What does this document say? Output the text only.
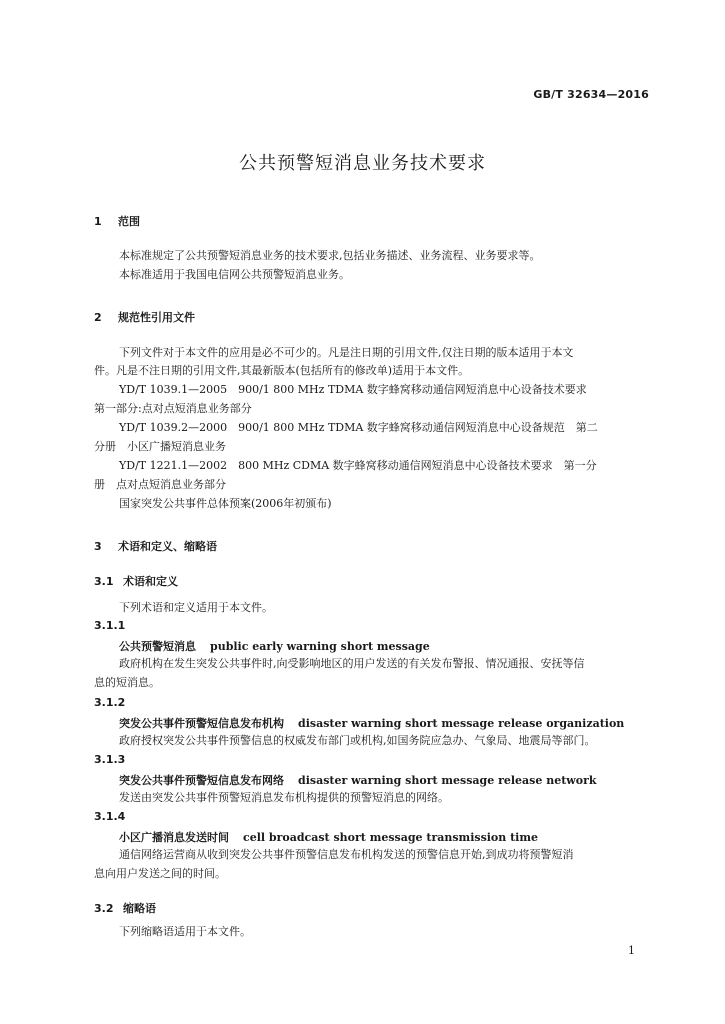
GB/T 32634—2016
公共预警短消息业务技术要求
1 范围
本标准规定了公共预警短消息业务的技术要求,包括业务描述、业务流程、业务要求等。
本标准适用于我国电信网公共预警短消息业务。
2 规范性引用文件
下列文件对于本文件的应用是必不可少的。凡是注日期的引用文件,仅注日期的版本适用于本文
件。凡是不注日期的引用文件,其最新版本(包括所有的修改单)适用于本文件。
YD/T 1039.1—2005　900/1 800 MHz TDMA 数字蜂窝移动通信网短消息中心设备技术要求
第一部分:点对点短消息业务部分
YD/T 1039.2—2000　900/1 800 MHz TDMA 数字蜂窝移动通信网短消息中心设备规范　第二
分册　小区广播短消息业务
YD/T 1221.1—2002　800 MHz CDMA 数字蜂窝移动通信网短消息中心设备技术要求　第一分
册　点对点短消息业务部分
国家突发公共事件总体预案(2006年初颁布)
3 术语和定义、缩略语
3.1 术语和定义
下列术语和定义适用于本文件。
3.1.1
公共预警短消息 public early warning short message
政府机构在发生突发公共事件时,向受影响地区的用户发送的有关发布警报、情况通报、安抚等信
息的短消息。
3.1.2
突发公共事件预警短信息发布机构 disaster warning short message release organization
政府授权突发公共事件预警信息的权威发布部门或机构,如国务院应急办、气象局、地震局等部门。
3.1.3
突发公共事件预警短信息发布网络 disaster warning short message release network
发送由突发公共事件预警短消息发布机构提供的预警短消息的网络。
3.1.4
小区广播消息发送时间 cell broadcast short message transmission time
通信网络运营商从收到突发公共事件预警信息发布机构发送的预警信息开始,到成功将预警短消
息向用户发送之间的时间。
3.2 缩略语
下列缩略语适用于本文件。
1
